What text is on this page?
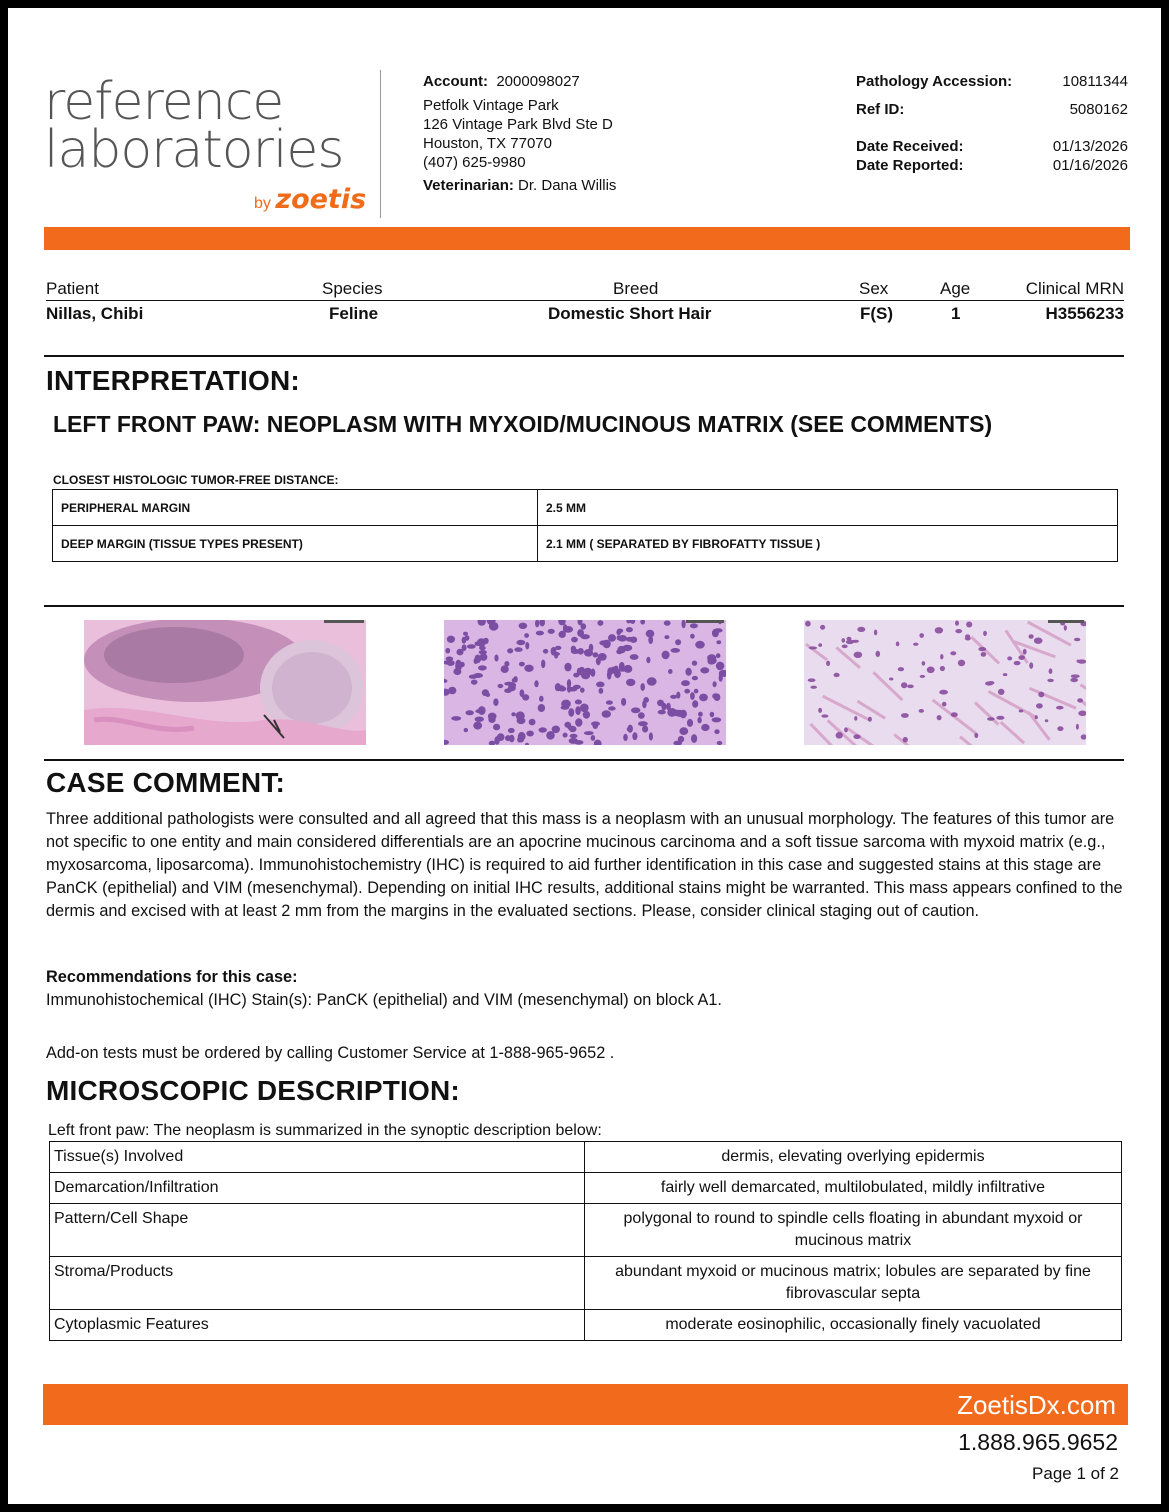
reference
laboratories
by zoetis
Account: 2000098027
Petfolk Vintage Park
126 Vintage Park Blvd Ste D
Houston, TX 77070
(407) 625-9980
Veterinarian: Dr. Dana Willis
Pathology Accession:	10811344
Ref ID:	5080162
Date Received:	01/13/2026
Date Reported:	01/16/2026
Patient	Species	Breed	Sex	Age	Clinical MRN
Nillas, Chibi	Feline	Domestic Short Hair	F(S)	1	H3556233
INTERPRETATION:
LEFT FRONT PAW: NEOPLASM WITH MYXOID/MUCINOUS MATRIX (SEE COMMENTS)
CLOSEST HISTOLOGIC TUMOR-FREE DISTANCE:
PERIPHERAL MARGIN	2.5 MM
DEEP MARGIN (TISSUE TYPES PRESENT)	2.1 MM ( SEPARATED BY FIBROFATTY TISSUE )
CASE COMMENT:
Three additional pathologists were consulted and all agreed that this mass is a neoplasm with an unusual morphology. The features of this tumor are not specific to one entity and main considered differentials are an apocrine mucinous carcinoma and a soft tissue sarcoma with myxoid matrix (e.g., myxosarcoma, liposarcoma). Immunohistochemistry (IHC) is required to aid further identification in this case and suggested stains at this stage are PanCK (epithelial) and VIM (mesenchymal). Depending on initial IHC results, additional stains might be warranted. This mass appears confined to the dermis and excised with at least 2 mm from the margins in the evaluated sections. Please, consider clinical staging out of caution.
Recommendations for this case:
Immunohistochemical (IHC) Stain(s): PanCK (epithelial) and VIM (mesenchymal) on block A1.
Add-on tests must be ordered by calling Customer Service at 1-888-965-9652 .
MICROSCOPIC DESCRIPTION:
Left front paw: The neoplasm is summarized in the synoptic description below:
Tissue(s) Involved	dermis, elevating overlying epidermis
Demarcation/Infiltration	fairly well demarcated, multilobulated, mildly infiltrative
Pattern/Cell Shape	polygonal to round to spindle cells floating in abundant myxoid or mucinous matrix
Stroma/Products	abundant myxoid or mucinous matrix; lobules are separated by fine fibrovascular septa
Cytoplasmic Features	moderate eosinophilic, occasionally finely vacuolated
ZoetisDx.com
1.888.965.9652
Page 1 of 2
